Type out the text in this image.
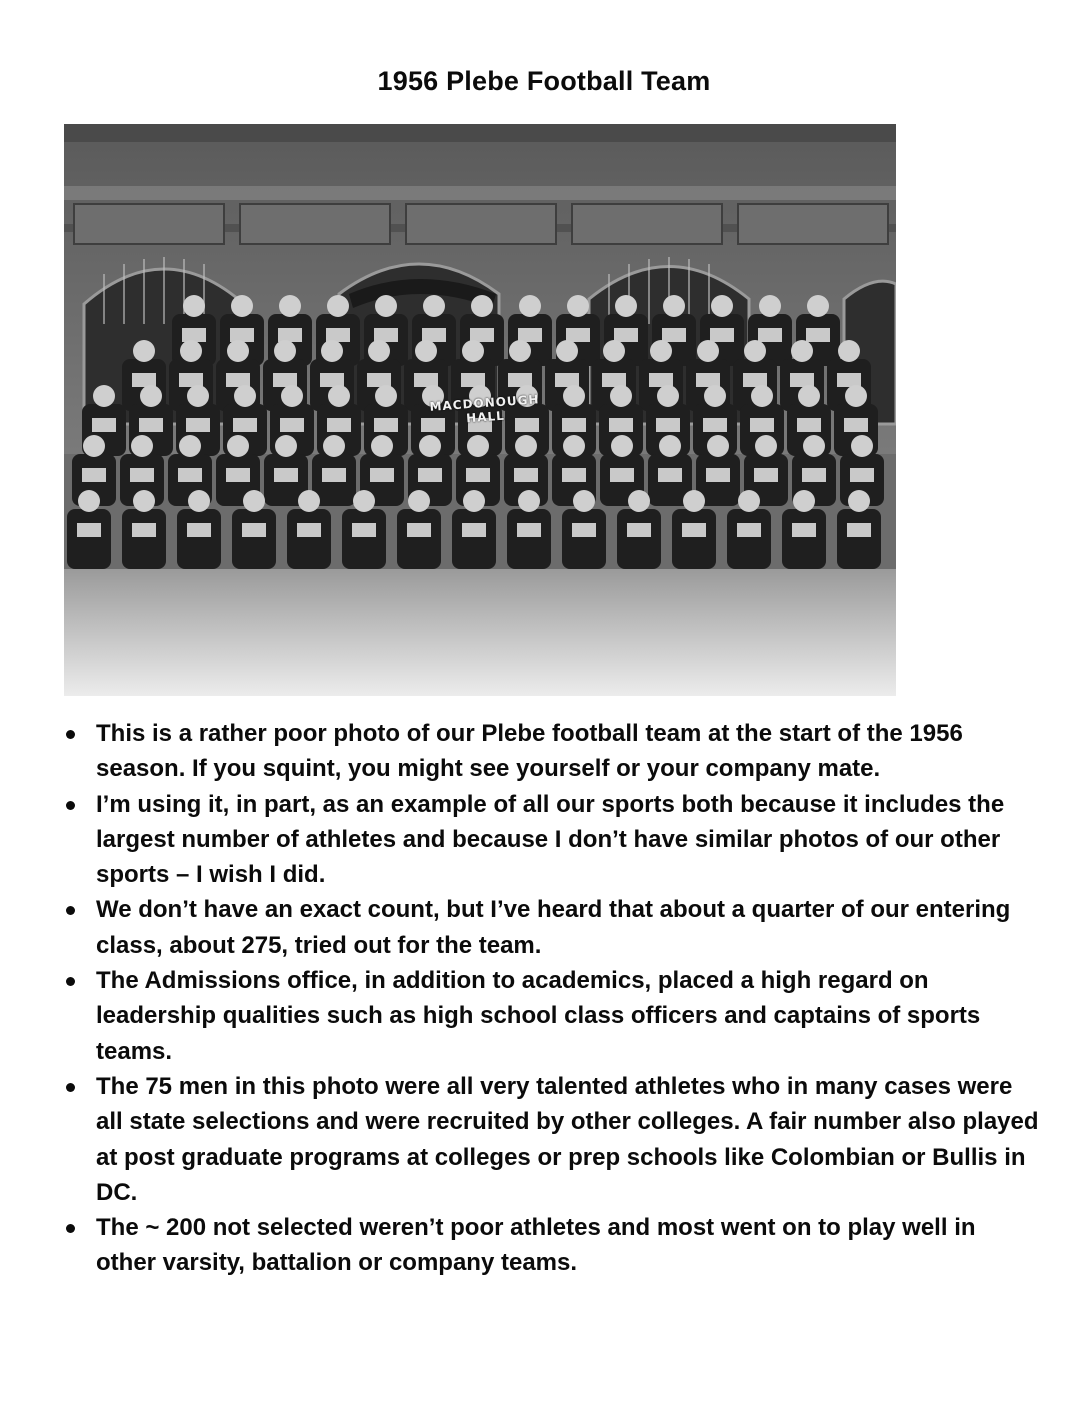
1956 Plebe Football Team
MACDONOUGH HALL
This is a rather poor photo of our Plebe football team at the start of the 1956 season. If you squint, you might see yourself or your company mate.
I’m using it, in part, as an example of all our sports both because it includes the largest number of athletes and because I don’t have similar photos of our other sports – I wish I did.
We don’t have an exact count, but I’ve heard that about a quarter of our entering class, about 275, tried out for the team.
The Admissions office, in addition to academics, placed a high regard on leadership qualities such as high school class officers and captains of sports teams.
The 75 men in this photo were all very talented athletes who in many cases were all state selections and were recruited by other colleges. A fair number also played at post graduate programs at colleges or prep schools like Colombian or Bullis in DC.
The ~ 200 not selected weren’t poor athletes and most went on to play well in other varsity, battalion or company teams.
